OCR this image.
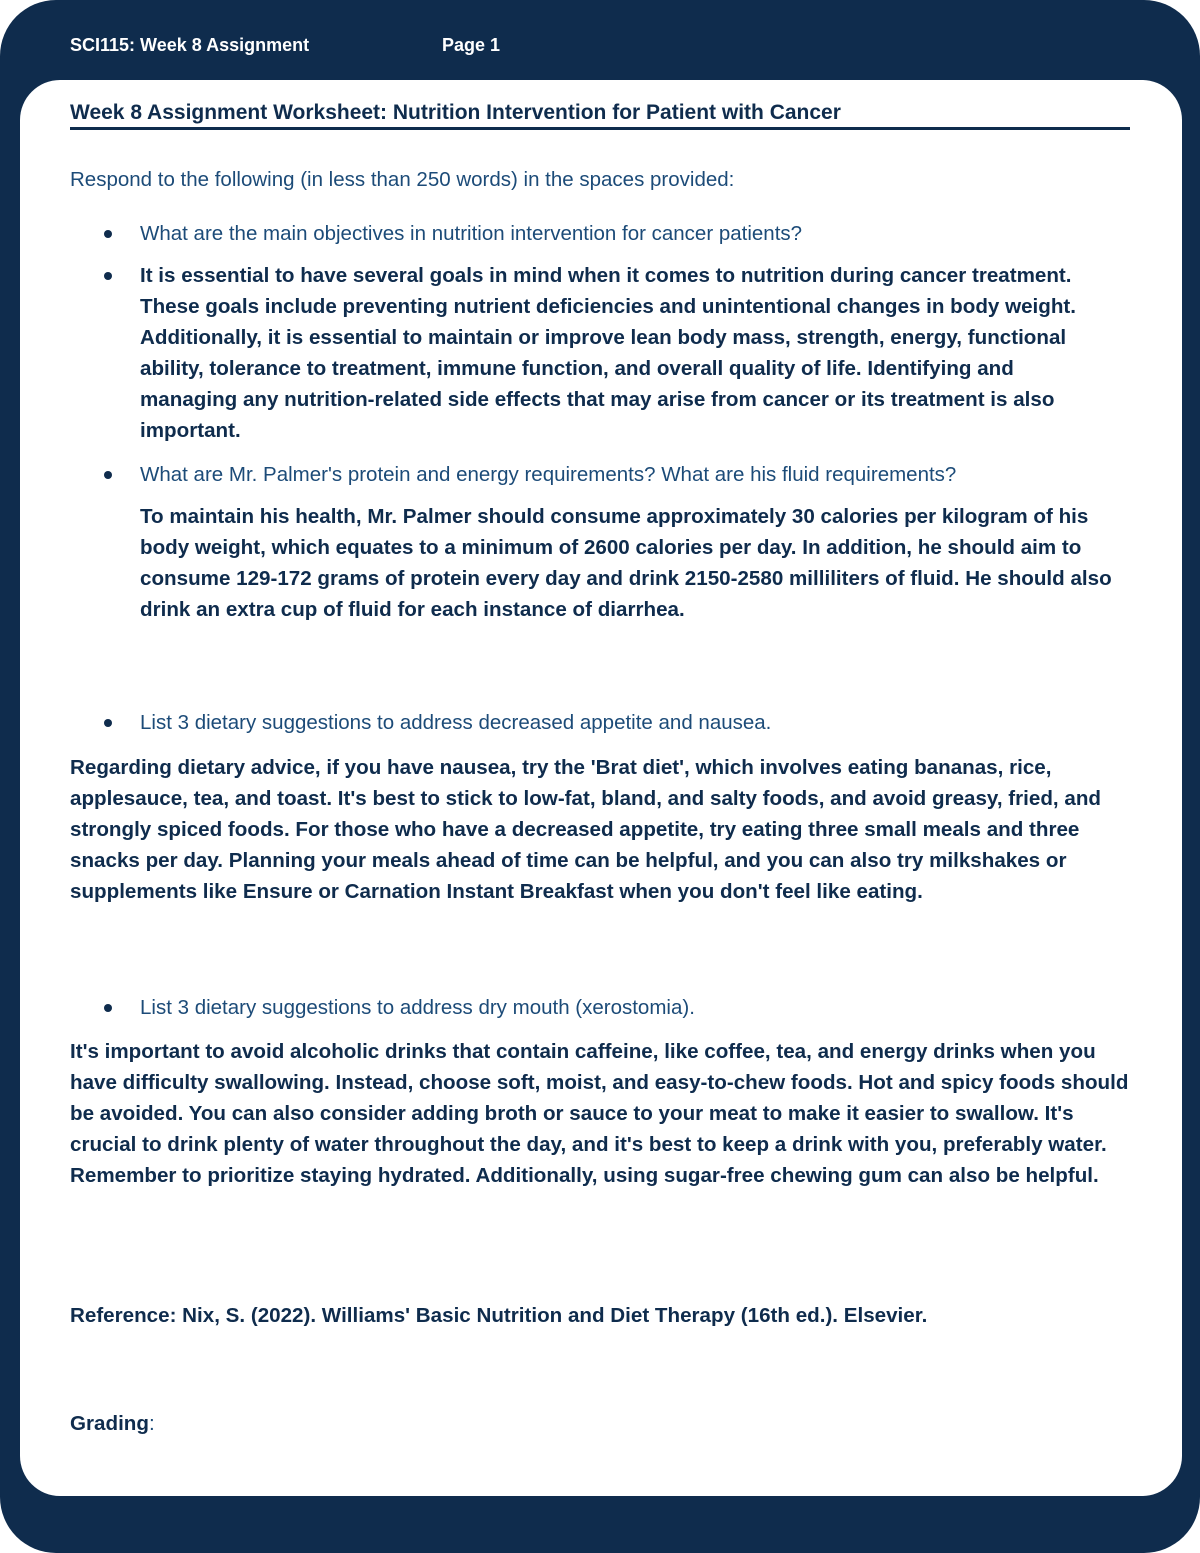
SCI115: Week 8 Assignment	Page 1
Week 8 Assignment Worksheet: Nutrition Intervention for Patient with Cancer
Respond to the following (in less than 250 words) in the spaces provided:
What are the main objectives in nutrition intervention for cancer patients?
It is essential to have several goals in mind when it comes to nutrition during cancer treatment. These goals include preventing nutrient deficiencies and unintentional changes in body weight. Additionally, it is essential to maintain or improve lean body mass, strength, energy, functional ability, tolerance to treatment, immune function, and overall quality of life. Identifying and managing any nutrition-related side effects that may arise from cancer or its treatment is also important.
What are Mr. Palmer's protein and energy requirements? What are his fluid requirements?
To maintain his health, Mr. Palmer should consume approximately 30 calories per kilogram of his body weight, which equates to a minimum of 2600 calories per day. In addition, he should aim to consume 129-172 grams of protein every day and drink 2150-2580 milliliters of fluid. He should also drink an extra cup of fluid for each instance of diarrhea.
List 3 dietary suggestions to address decreased appetite and nausea.
Regarding dietary advice, if you have nausea, try the 'Brat diet', which involves eating bananas, rice, applesauce, tea, and toast. It's best to stick to low-fat, bland, and salty foods, and avoid greasy, fried, and strongly spiced foods. For those who have a decreased appetite, try eating three small meals and three snacks per day. Planning your meals ahead of time can be helpful, and you can also try milkshakes or supplements like Ensure or Carnation Instant Breakfast when you don't feel like eating.
List 3 dietary suggestions to address dry mouth (xerostomia).
It's important to avoid alcoholic drinks that contain caffeine, like coffee, tea, and energy drinks when you have difficulty swallowing. Instead, choose soft, moist, and easy-to-chew foods. Hot and spicy foods should be avoided. You can also consider adding broth or sauce to your meat to make it easier to swallow. It's crucial to drink plenty of water throughout the day, and it's best to keep a drink with you, preferably water. Remember to prioritize staying hydrated. Additionally, using sugar-free chewing gum can also be helpful.
Reference: Nix, S. (2022). Williams' Basic Nutrition and Diet Therapy (16th ed.). Elsevier.
Grading:
